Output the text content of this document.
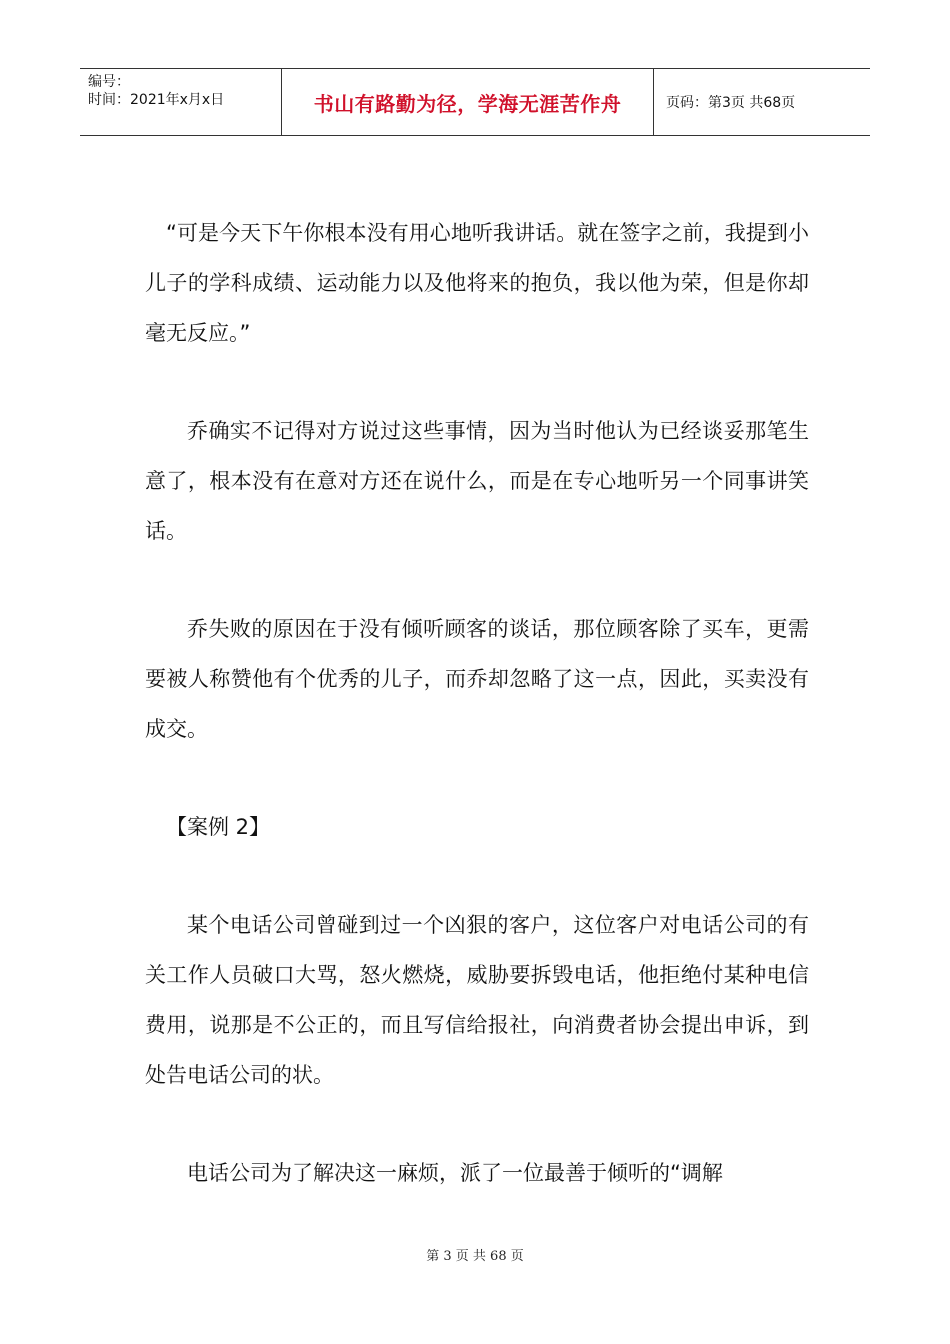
编号：
时间：2021年x月x日	书山有路勤为径，学海无涯苦作舟	页码：第3页 共68页

“可是今天下午你根本没有用心地听我讲话。就在签字之前，我提到小儿子的学科成绩、运动能力以及他将来的抱负，我以他为荣，但是你却毫无反应。”

乔确实不记得对方说过这些事情，因为当时他认为已经谈妥那笔生意了，根本没有在意对方还在说什么，而是在专心地听另一个同事讲笑话。

乔失败的原因在于没有倾听顾客的谈话，那位顾客除了买车，更需要被人称赞他有个优秀的儿子，而乔却忽略了这一点，因此，买卖没有成交。

【案例 2】

某个电话公司曾碰到过一个凶狠的客户，这位客户对电话公司的有关工作人员破口大骂，怒火燃烧，威胁要拆毁电话，他拒绝付某种电信费用，说那是不公正的，而且写信给报社，向消费者协会提出申诉，到处告电话公司的状。

电话公司为了解决这一麻烦，派了一位最善于倾听的“调解

第 3 页 共 68 页
